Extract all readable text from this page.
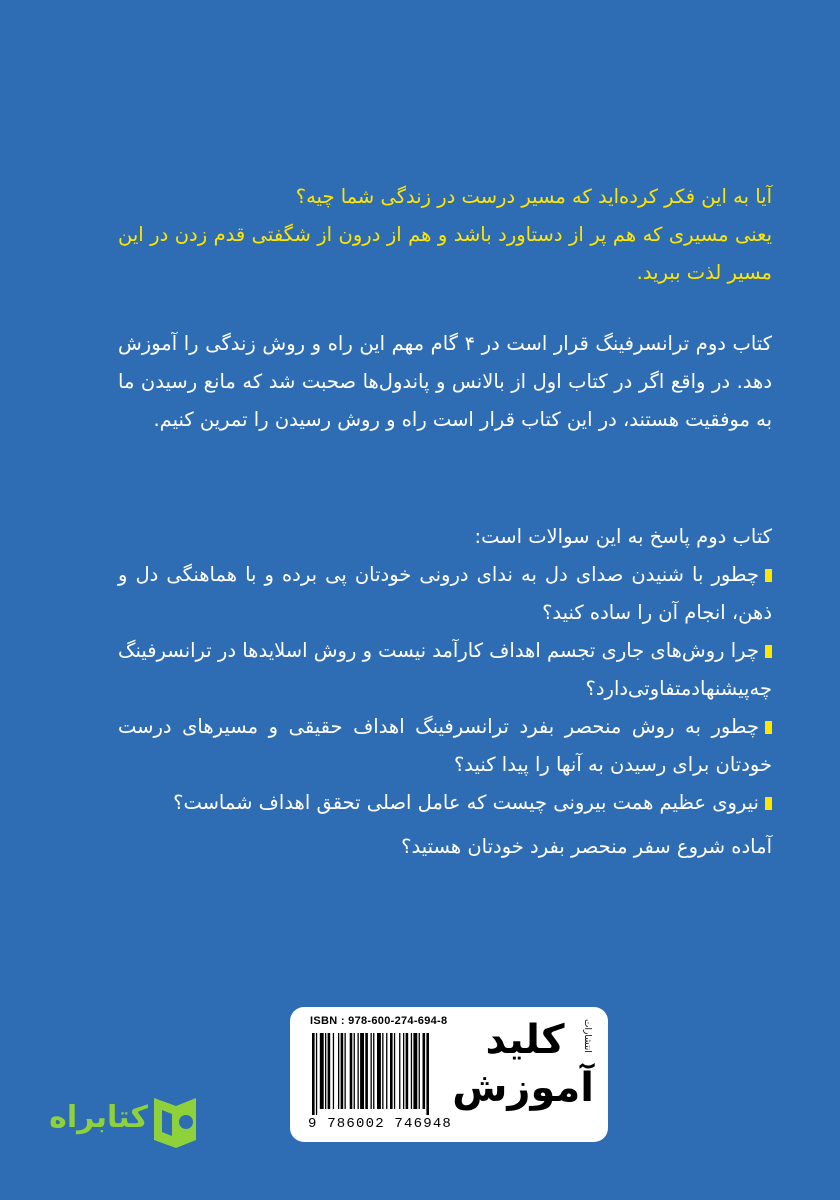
آیا به این فکر کرده‌اید که مسیر درست در زندگی شما چیه؟

یعنی مسیری که هم پر از دستاورد باشد و هم از درون از شگفتی قدم زدن در این مسیر لذت ببرید.

کتاب دوم ترانسرفینگ قرار است در ۴ گام مهم این راه و روش زندگی را آموزش دهد. در واقع اگر در کتاب اول از بالانس و پاندول‌ها صحبت شد که مانع رسیدن ما به موفقیت هستند، در این کتاب قرار است راه و روش رسیدن را تمرین کنیم.

کتاب دوم پاسخ به این سوالات است:

چطور با شنیدن صدای دل به ندای درونی خودتان پی برده و با هماهنگی دل و ذهن، انجام آن را ساده کنید؟

چرا روش‌های جاری تجسم اهداف کارآمد نیست و روش اسلایدها در ترانسرفینگ چه‌پیشنهادمتفاوتی‌دارد؟

چطور به روش منحصر بفرد ترانسرفینگ اهداف حقیقی و مسیرهای درست خودتان برای رسیدن به آنها را پیدا کنید؟

نیروی عظیم همت بیرونی چیست که عامل اصلی تحقق اهداف شماست؟

آماده شروع سفر منحصر بفرد خودتان هستید؟

ISBN : 978-600-274-694-8
9 786002 746948
انتشارات
کلید
آموزش
کتابراه
